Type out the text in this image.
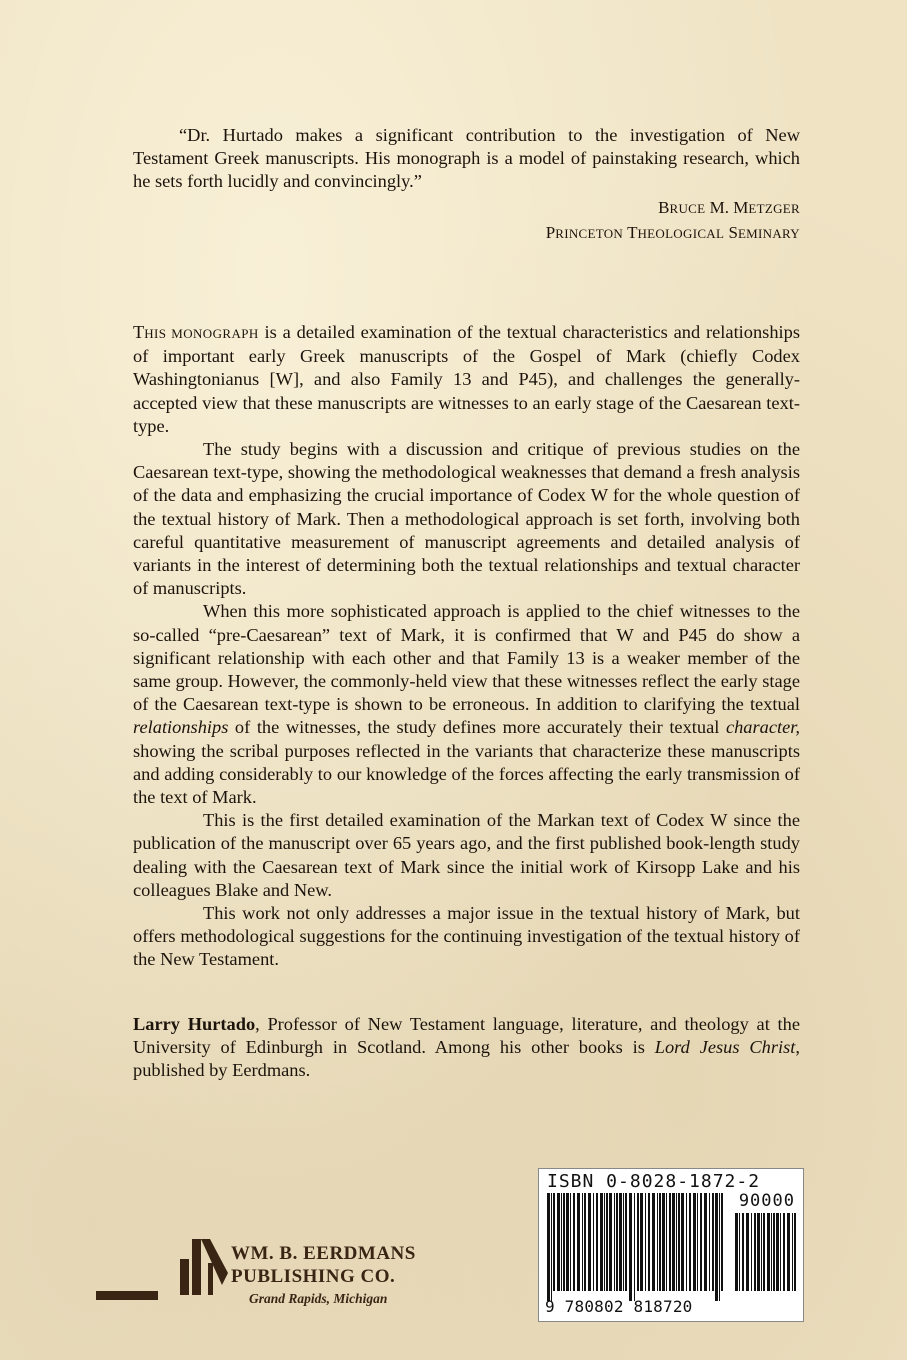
“Dr. Hurtado makes a significant contribution to the investigation of New Testament Greek manuscripts. His monograph is a model of painstaking research, which he sets forth lucidly and convincingly.”

BRUCE M. METZGER
PRINCETON THEOLOGICAL SEMINARY

THIS MONOGRAPH is a detailed examination of the textual characteristics and relationships of important early Greek manuscripts of the Gospel of Mark (chiefly Codex Washingtonianus [W], and also Family 13 and P45), and challenges the generally-accepted view that these manuscripts are witnesses to an early stage of the Caesarean text-type.

The study begins with a discussion and critique of previous studies on the Caesarean text-type, showing the methodological weaknesses that demand a fresh analysis of the data and emphasizing the crucial importance of Codex W for the whole question of the textual history of Mark. Then a methodological approach is set forth, involving both careful quantitative measurement of manuscript agreements and detailed analysis of variants in the interest of determining both the textual relationships and textual character of manuscripts.

When this more sophisticated approach is applied to the chief witnesses to the so-called “pre-Caesarean” text of Mark, it is confirmed that W and P45 do show a significant relationship with each other and that Family 13 is a weaker member of the same group. However, the commonly-held view that these witnesses reflect the early stage of the Caesarean text-type is shown to be erroneous. In addition to clarifying the textual relationships of the witnesses, the study defines more accurately their textual character, showing the scribal purposes reflected in the variants that characterize these manuscripts and adding considerably to our knowledge of the forces affecting the early transmission of the text of Mark.

This is the first detailed examination of the Markan text of Codex W since the publication of the manuscript over 65 years ago, and the first published book-length study dealing with the Caesarean text of Mark since the initial work of Kirsopp Lake and his colleagues Blake and New.

This work not only addresses a major issue in the textual history of Mark, but offers methodological suggestions for the continuing investigation of the textual history of the New Testament.

Larry Hurtado, Professor of New Testament language, literature, and theology at the University of Edinburgh in Scotland. Among his other books is Lord Jesus Christ, published by Eerdmans.

WM. B. EERDMANS
PUBLISHING CO.
Grand Rapids, Michigan
ISBN 0-8028-1872-2
90000
9 780802 818720
